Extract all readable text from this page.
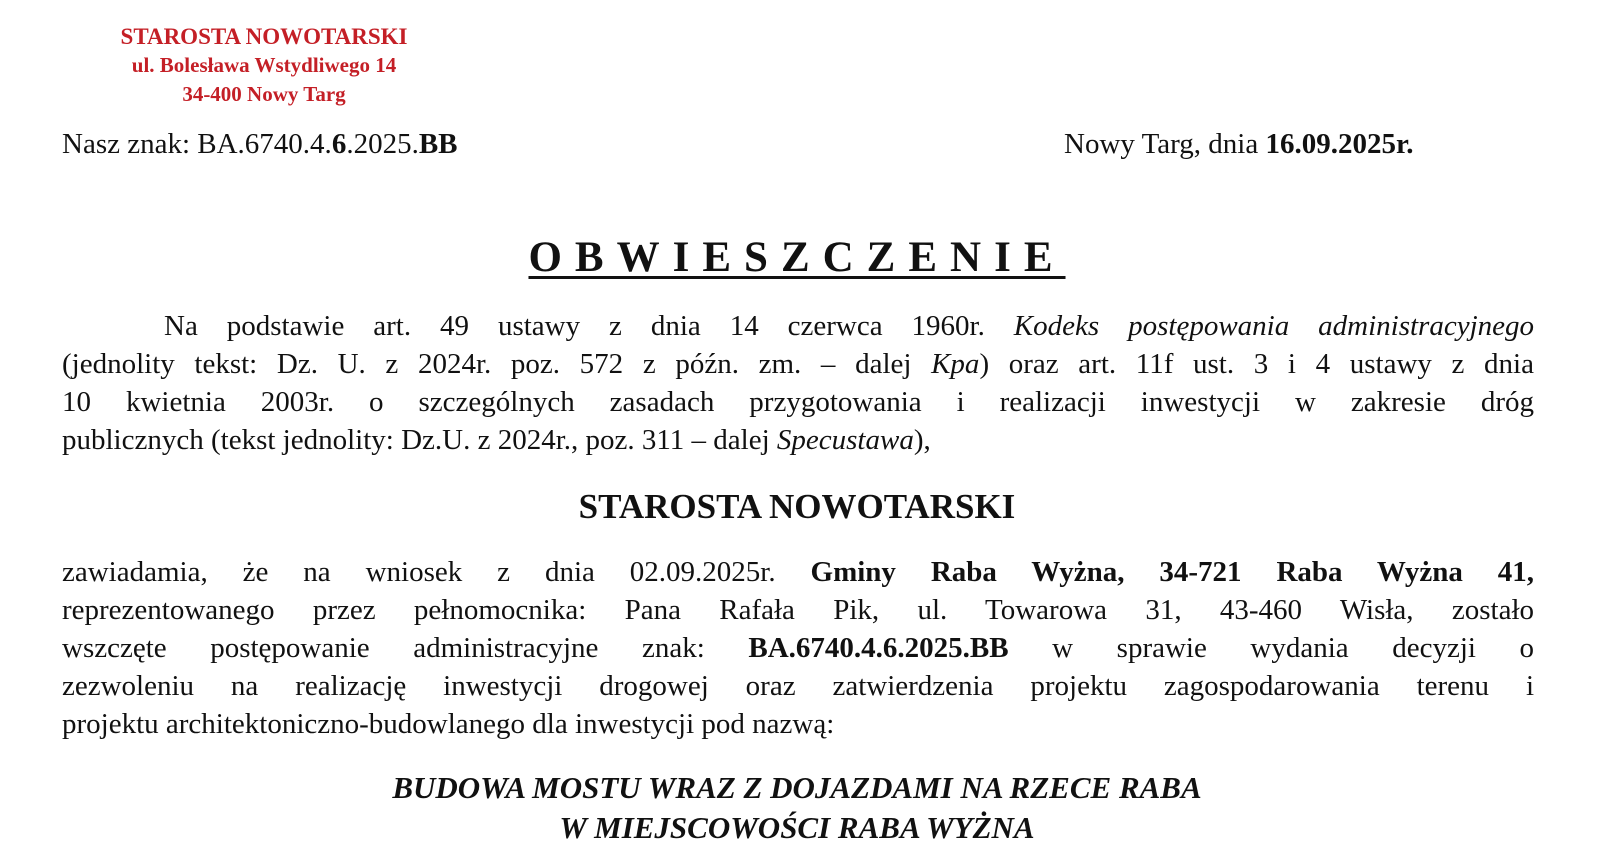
STAROSTA NOWOTARSKI
ul. Bolesława Wstydliwego 14
34-400 Nowy Targ
Nasz znak: BA.6740.4.6.2025.BB	Nowy Targ, dnia 16.09.2025r.
OBWIESZCZENIE
Na podstawie art. 49 ustawy z dnia 14 czerwca 1960r. Kodeks postępowania administracyjnego
(jednolity tekst: Dz. U. z 2024r. poz. 572 z późn. zm. – dalej Kpa) oraz art. 11f ust. 3 i 4 ustawy z dnia
10 kwietnia 2003r. o szczególnych zasadach przygotowania i realizacji inwestycji w zakresie dróg
publicznych (tekst jednolity: Dz.U. z 2024r., poz. 311 – dalej Specustawa),
STAROSTA NOWOTARSKI
zawiadamia, że na wniosek z dnia 02.09.2025r. Gminy Raba Wyżna, 34-721 Raba Wyżna 41,
reprezentowanego przez pełnomocnika: Pana Rafała Pik, ul. Towarowa 31, 43-460 Wisła, zostało
wszczęte postępowanie administracyjne znak: BA.6740.4.6.2025.BB w sprawie wydania decyzji o
zezwoleniu na realizację inwestycji drogowej oraz zatwierdzenia projektu zagospodarowania terenu i
projektu architektoniczno-budowlanego dla inwestycji pod nazwą:
BUDOWA MOSTU WRAZ Z DOJAZDAMI NA RZECE RABA
W MIEJSCOWOŚCI RABA WYŻNA
